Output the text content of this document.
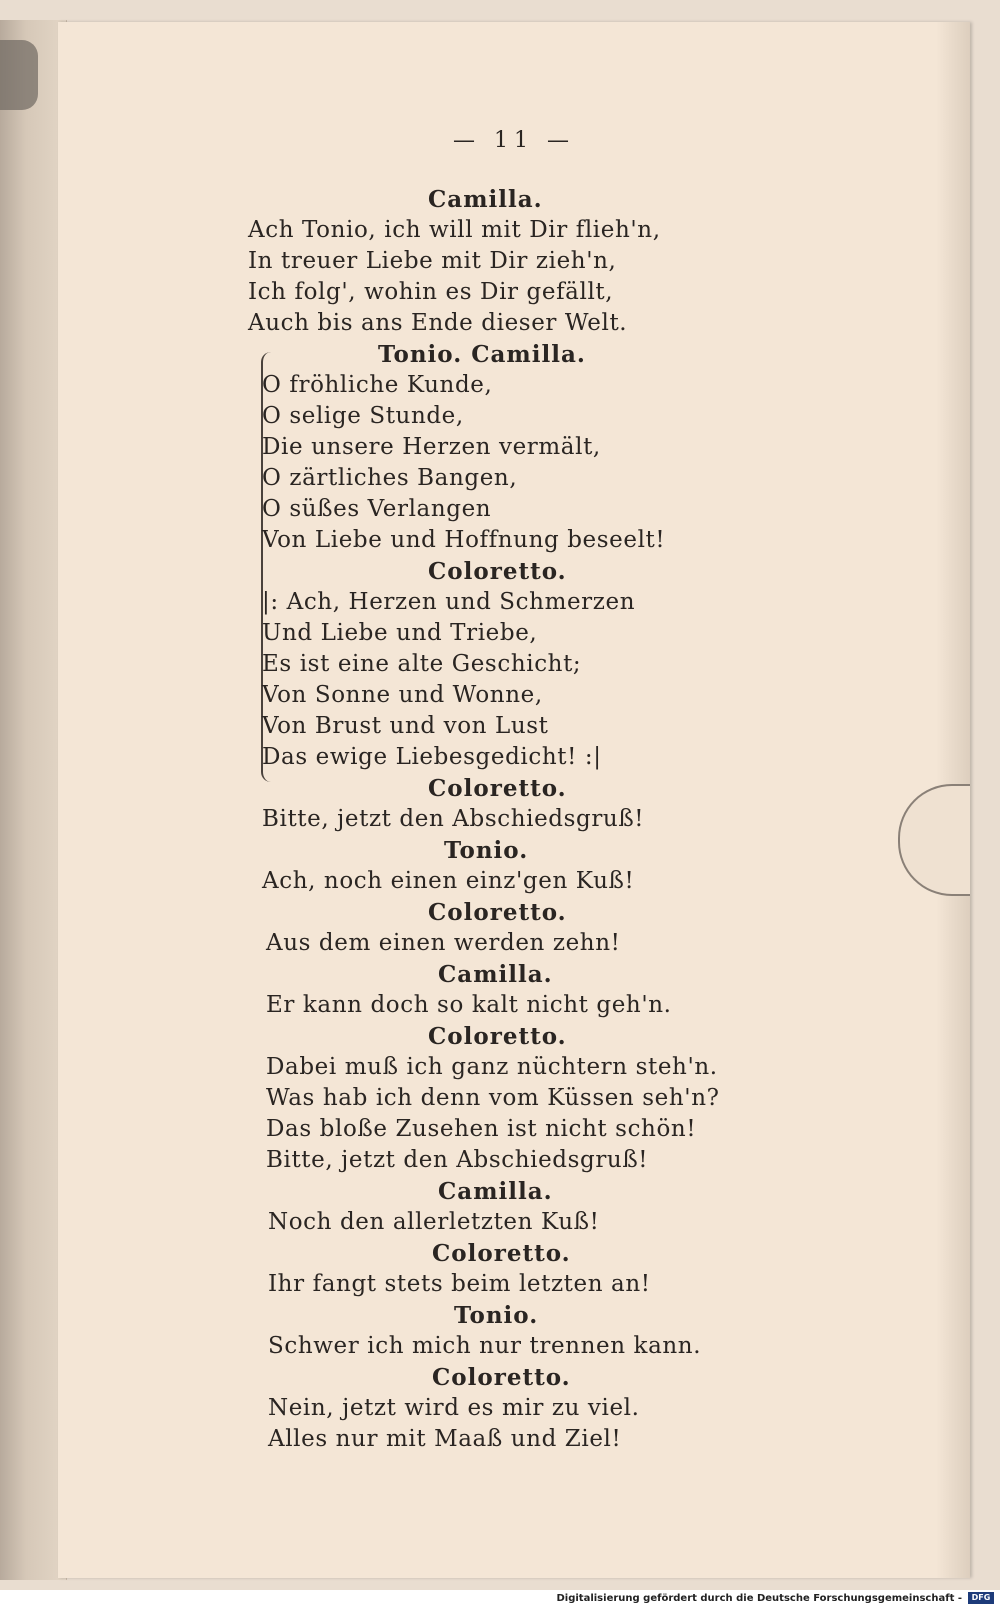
— 11 —
Camilla.
Ach Tonio, ich will mit Dir flieh'n,
In treuer Liebe mit Dir zieh'n,
Ich folg', wohin es Dir gefällt,
Auch bis ans Ende dieser Welt.
Tonio. Camilla.
O fröhliche Kunde,
O selige Stunde,
Die unsere Herzen vermält,
O zärtliches Bangen,
O süßes Verlangen
Von Liebe und Hoffnung beseelt!
Coloretto.
|: Ach, Herzen und Schmerzen
Und Liebe und Triebe,
Es ist eine alte Geschicht;
Von Sonne und Wonne,
Von Brust und von Lust
Das ewige Liebesgedicht! :|
Coloretto.
Bitte, jetzt den Abschiedsgruß!
Tonio.
Ach, noch einen einz'gen Kuß!
Coloretto.
Aus dem einen werden zehn!
Camilla.
Er kann doch so kalt nicht geh'n.
Coloretto.
Dabei muß ich ganz nüchtern steh'n.
Was hab ich denn vom Küssen seh'n?
Das bloße Zusehen ist nicht schön!
Bitte, jetzt den Abschiedsgruß!
Camilla.
Noch den allerletzten Kuß!
Coloretto.
Ihr fangt stets beim letzten an!
Tonio.
Schwer ich mich nur trennen kann.
Coloretto.
Nein, jetzt wird es mir zu viel.
Alles nur mit Maaß und Ziel!
Digitalisierung gefördert durch die Deutsche Forschungsgemeinschaft - DFG
